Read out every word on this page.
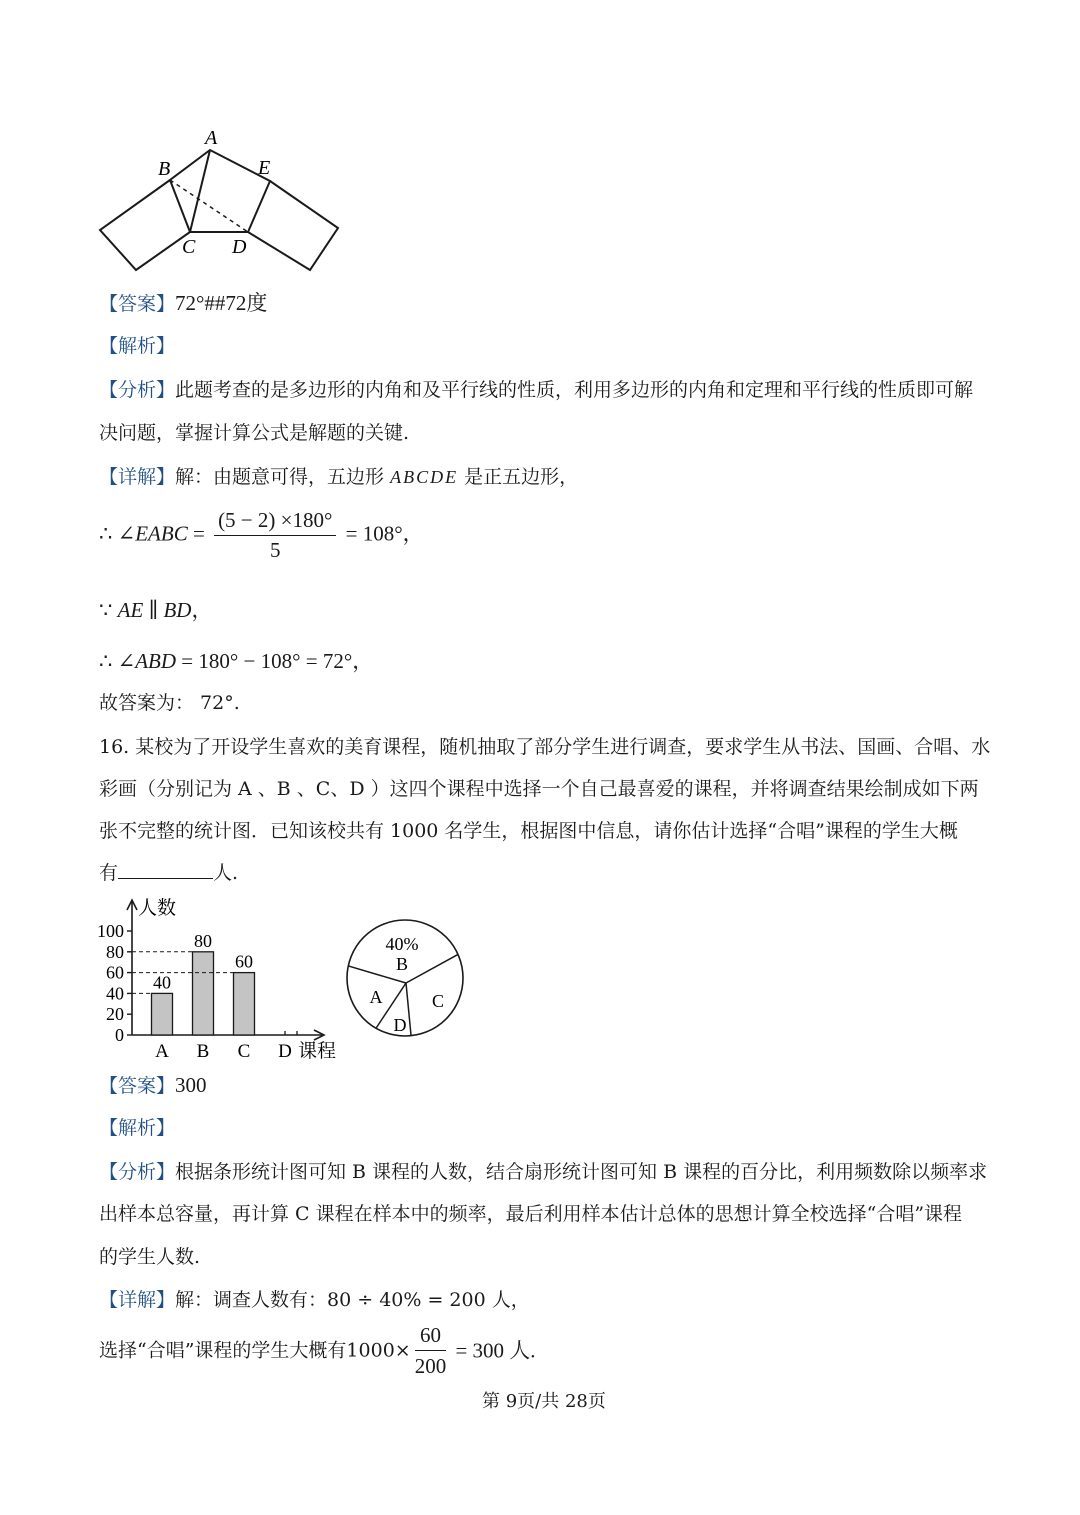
A
B
C D
E
【答案】72°##72度
【解析】
【分析】此题考查的是多边形的内角和及平行线的性质，利用多边形的内角和定理和平行线的性质即可解
决问题，掌握计算公式是解题的关键.
【详解】解：由题意可得，五边形 ABCDE 是正五边形，
∴ ∠EABC = $\frac{(5 - 2) \times 180^\circ}{5} = 108^\circ$，
∵ AE ∥ BD，
∴ ∠ABD = 180° − 108° = 72°，
故答案为： 72°.
16. 某校为了开设学生喜欢的美育课程，随机抽取了部分学生进行调查，要求学生从书法、国画、合唱、水
彩画（分别记为 A 、B 、C、D ）这四个课程中选择一个自己最喜爱的课程，并将调查结果绘制成如下两
张不完整的统计图．已知该校共有 1000 名学生，根据图中信息，请你估计选择“合唱”课程的学生大概
有	人.
人数
课程
0
20
40
60
80
100
40
A
80
B
60
C D
B
40%
C
D
A
【答案】300
【解析】
【分析】根据条形统计图可知 B 课程的人数，结合扇形统计图可知 B 课程的百分比，利用频数除以频率求
出样本总容量，再计算 C 课程在样本中的频率，最后利用样本估计总体的思想计算全校选择“合唱”课程
的学生人数.
【详解】解：调查人数有：80 ÷ 40% = 200 人，
选择“合唱”课程的学生大概有$1000\times \frac{60}{200} = 300$ 人.
第 9页/共 28页
